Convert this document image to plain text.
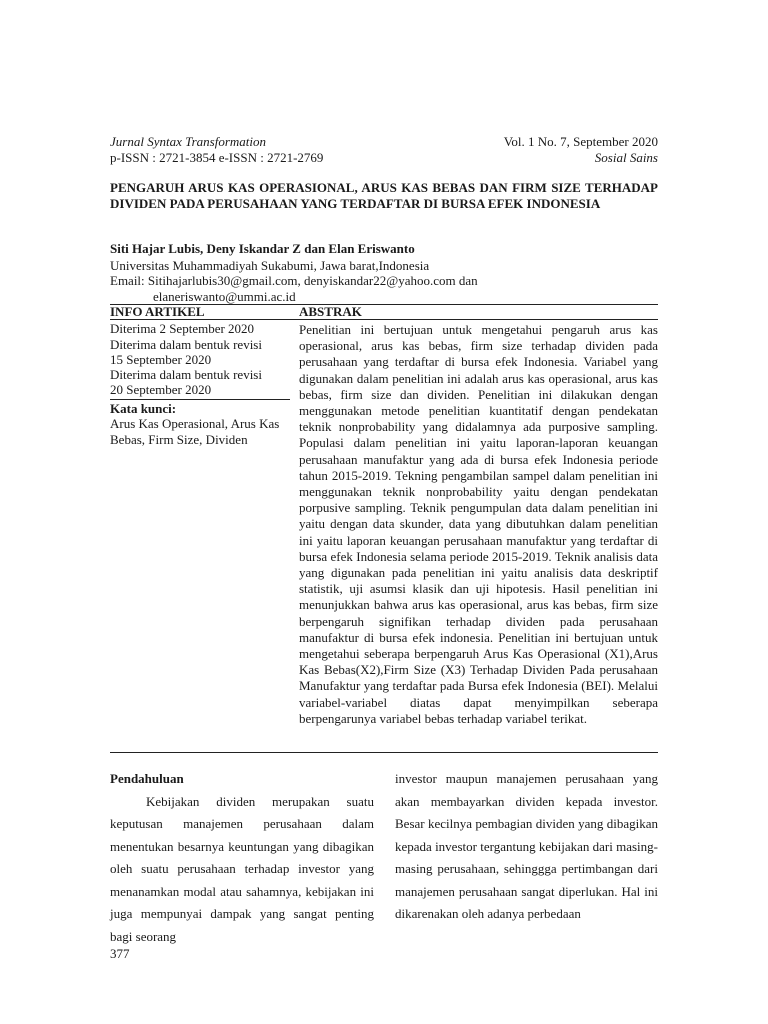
Jurnal Syntax Transformation	Vol. 1 No. 7, September 2020
p-ISSN : 2721-3854 e-ISSN : 2721-2769	Sosial Sains
PENGARUH ARUS KAS OPERASIONAL, ARUS KAS BEBAS DAN FIRM SIZE TERHADAP DIVIDEN PADA PERUSAHAAN YANG TERDAFTAR DI BURSA EFEK INDONESIA
Siti Hajar Lubis, Deny Iskandar Z dan Elan Eriswanto
Universitas Muhammadiyah Sukabumi, Jawa barat,Indonesia
Email: Sitihajarlubis30@gmail.com, denyiskandar22@yahoo.com dan
elaneriswanto@ummi.ac.id
INFO ARTIKEL	ABSTRAK
Diterima 2 September 2020
Diterima dalam bentuk revisi
15 September 2020
Diterima dalam bentuk revisi
20 September 2020
Kata kunci:
Arus Kas Operasional, Arus Kas Bebas, Firm Size, Dividen
Penelitian ini bertujuan untuk mengetahui pengaruh arus kas operasional, arus kas bebas, firm size terhadap dividen pada perusahaan yang terdaftar di bursa efek Indonesia. Variabel yang digunakan dalam penelitian ini adalah arus kas operasional, arus kas bebas, firm size dan dividen. Penelitian ini dilakukan dengan menggunakan metode penelitian kuantitatif dengan pendekatan teknik nonprobability yang didalamnya ada purposive sampling. Populasi dalam penelitian ini yaitu laporan-laporan keuangan perusahaan manufaktur yang ada di bursa efek Indonesia periode tahun 2015-2019. Tekning pengambilan sampel dalam penelitian ini menggunakan teknik nonprobability yaitu dengan pendekatan porpusive sampling. Teknik pengumpulan data dalam penelitian ini yaitu dengan data skunder, data yang dibutuhkan dalam penelitian ini yaitu laporan keuangan perusahaan manufaktur yang terdaftar di bursa efek Indonesia selama periode 2015-2019. Teknik analisis data yang digunakan pada penelitian ini yaitu analisis data deskriptif statistik, uji asumsi klasik dan uji hipotesis. Hasil penelitian ini menunjukkan bahwa arus kas operasional, arus kas bebas, firm size berpengaruh signifikan terhadap dividen pada perusahaan manufaktur di bursa efek indonesia. Penelitian ini bertujuan untuk mengetahui seberapa berpengaruh Arus Kas Operasional (X1),Arus Kas Bebas(X2),Firm Size (X3) Terhadap Dividen Pada perusahaan Manufaktur yang terdaftar pada Bursa efek Indonesia (BEI). Melalui variabel-variabel diatas dapat menyimpilkan seberapa berpengarunya variabel bebas terhadap variabel terikat.
Pendahuluan
Kebijakan dividen merupakan suatu keputusan manajemen perusahaan dalam menentukan besarnya keuntungan yang dibagikan oleh suatu perusahaan terhadap investor yang menanamkan modal atau sahamnya, kebijakan ini juga mempunyai dampak yang sangat penting bagi seorang
investor maupun manajemen perusahaan yang akan membayarkan dividen kepada investor. Besar kecilnya pembagian dividen yang dibagikan kepada investor tergantung kebijakan dari masing-masing perusahaan, sehinggga pertimbangan dari manajemen perusahaan sangat diperlukan. Hal ini dikarenakan oleh adanya perbedaan
377
